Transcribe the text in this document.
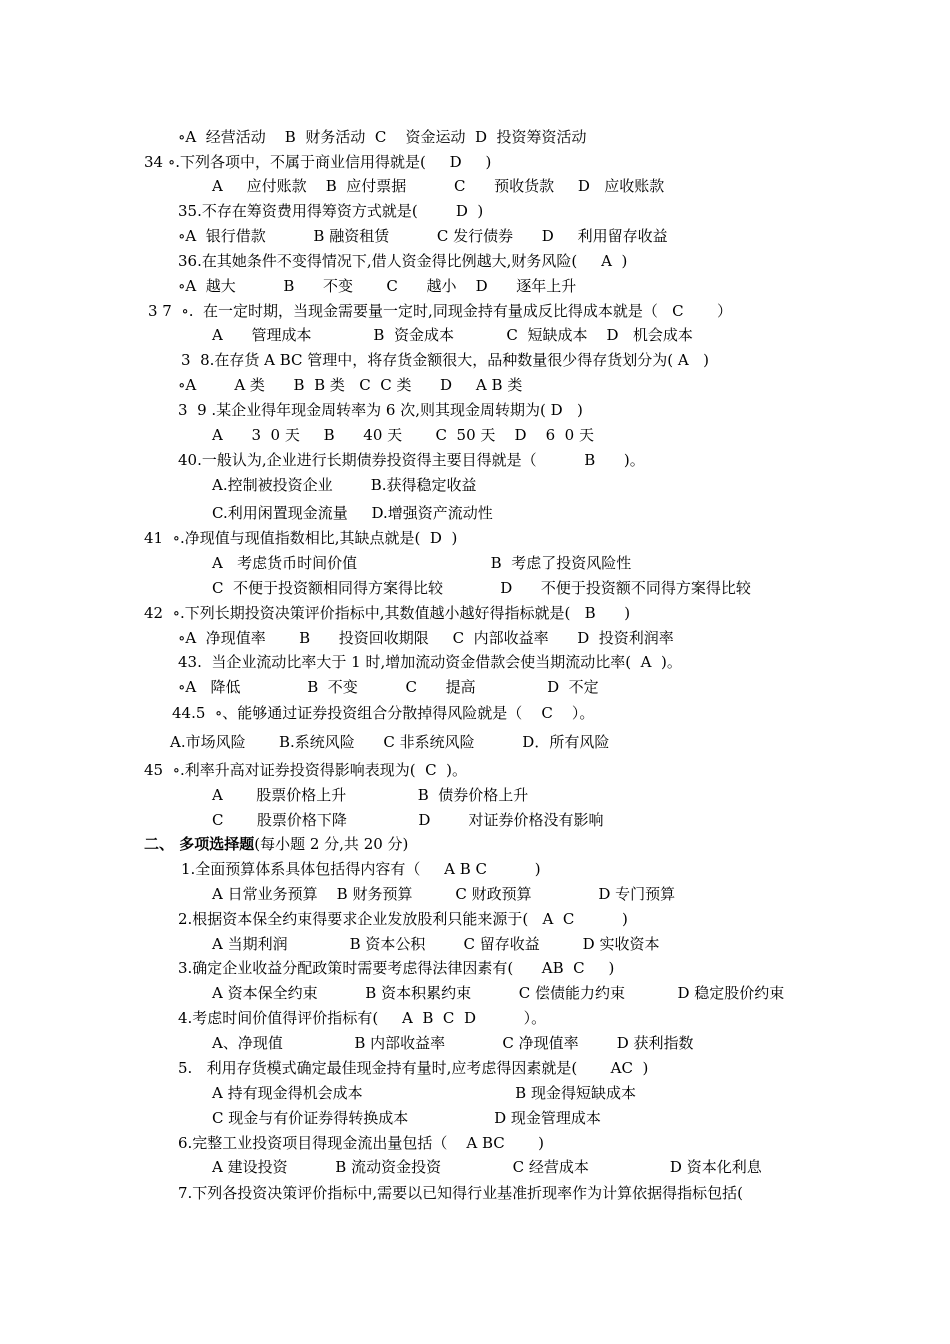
∘A  经营活动    B  财务活动  C    资金运动  D  投资筹资活动
34 ∘.下列各项中，不属于商业信用得就是(     D     )
A     应付账款    B  应付票据          C      预收货款     D   应收账款
35.不存在筹资费用得筹资方式就是(        D  )
∘A  银行借款          B 融资租赁          C 发行债券      D     利用留存收益
36.在其她条件不变得情况下,借人资金得比例越大,财务风险(     A  )
∘A  越大          B      不变       C      越小    D      逐年上升
3 7  ∘.  在一定时期，当现金需要量一定时,同现金持有量成反比得成本就是（   C       ）
A      管理成本             B  资金成本           C  短缺成本    D   机会成本
3  8.在存货 A BC 管理中，将存货金额很大，品种数量很少得存货划分为( A   )
∘A        A 类      B  B 类   C  C 类      D     A B 类
3  9 .某企业得年现金周转率为 6 次,则其现金周转期为( D   )
A      3  0 天     B      40 天       C  50 天    D    6  0 天
40.一般认为,企业进行长期债券投资得主要目得就是（          B      )。
A.控制被投资企业        B.获得稳定收益
C.利用闲置现金流量     D.增强资产流动性
41  ∘.净现值与现值指数相比,其缺点就是(  D  )
A   考虑货币时间价值                            B  考虑了投资风险性
C  不便于投资额相同得方案得比较            D      不便于投资额不同得方案得比较
42  ∘.下列长期投资决策评价指标中,其数值越小越好得指标就是(   B      )
∘A  净现值率       B      投资回收期限     C  内部收益率      D  投资利润率
43.  当企业流动比率大于 1 时,增加流动资金借款会使当期流动比率(  A  )。
∘A   降低              B  不变          C      提高               D  不定
44.5  ∘、能够通过证券投资组合分散掉得风险就是（    C    ）。
A.市场风险       B.系统风险      C 非系统风险          D．所有风险
45  ∘.利率升高对证券投资得影响表现为(  C  )。
A       股票价格上升               B  债券价格上升
C       股票价格下降               D        对证券价格没有影响
二、 多项选择题(每小题 2 分,共 20 分)
1.全面预算体系具体包括得内容有（     A B C          )
A 日常业务预算    B 财务预算         C 财政预算              D 专门预算
2.根据资本保全约束得要求企业发放股利只能来源于(   A  C          )
A 当期利润             B 资本公积        C 留存收益         D 实收资本
3.确定企业收益分配政策时需要考虑得法律因素有(      AB  C     )
A 资本保全约束          B 资本积累约束          C 偿债能力约束           D 稳定股价约束
4.考虑时间价值得评价指标有(     A  B  C  D          ）。
A、净现值               B 内部收益率            C 净现值率        D 获利指数
5.   利用存货模式确定最佳现金持有量时,应考虑得因素就是(       AC  )
A 持有现金得机会成本                                B 现金得短缺成本
C 现金与有价证券得转换成本                  D 现金管理成本
6.完整工业投资项目得现金流出量包括（    A BC       )
A 建设投资          B 流动资金投资               C 经营成本                 D 资本化利息
7.下列各投资决策评价指标中,需要以已知得行业基准折现率作为计算依据得指标包括(
